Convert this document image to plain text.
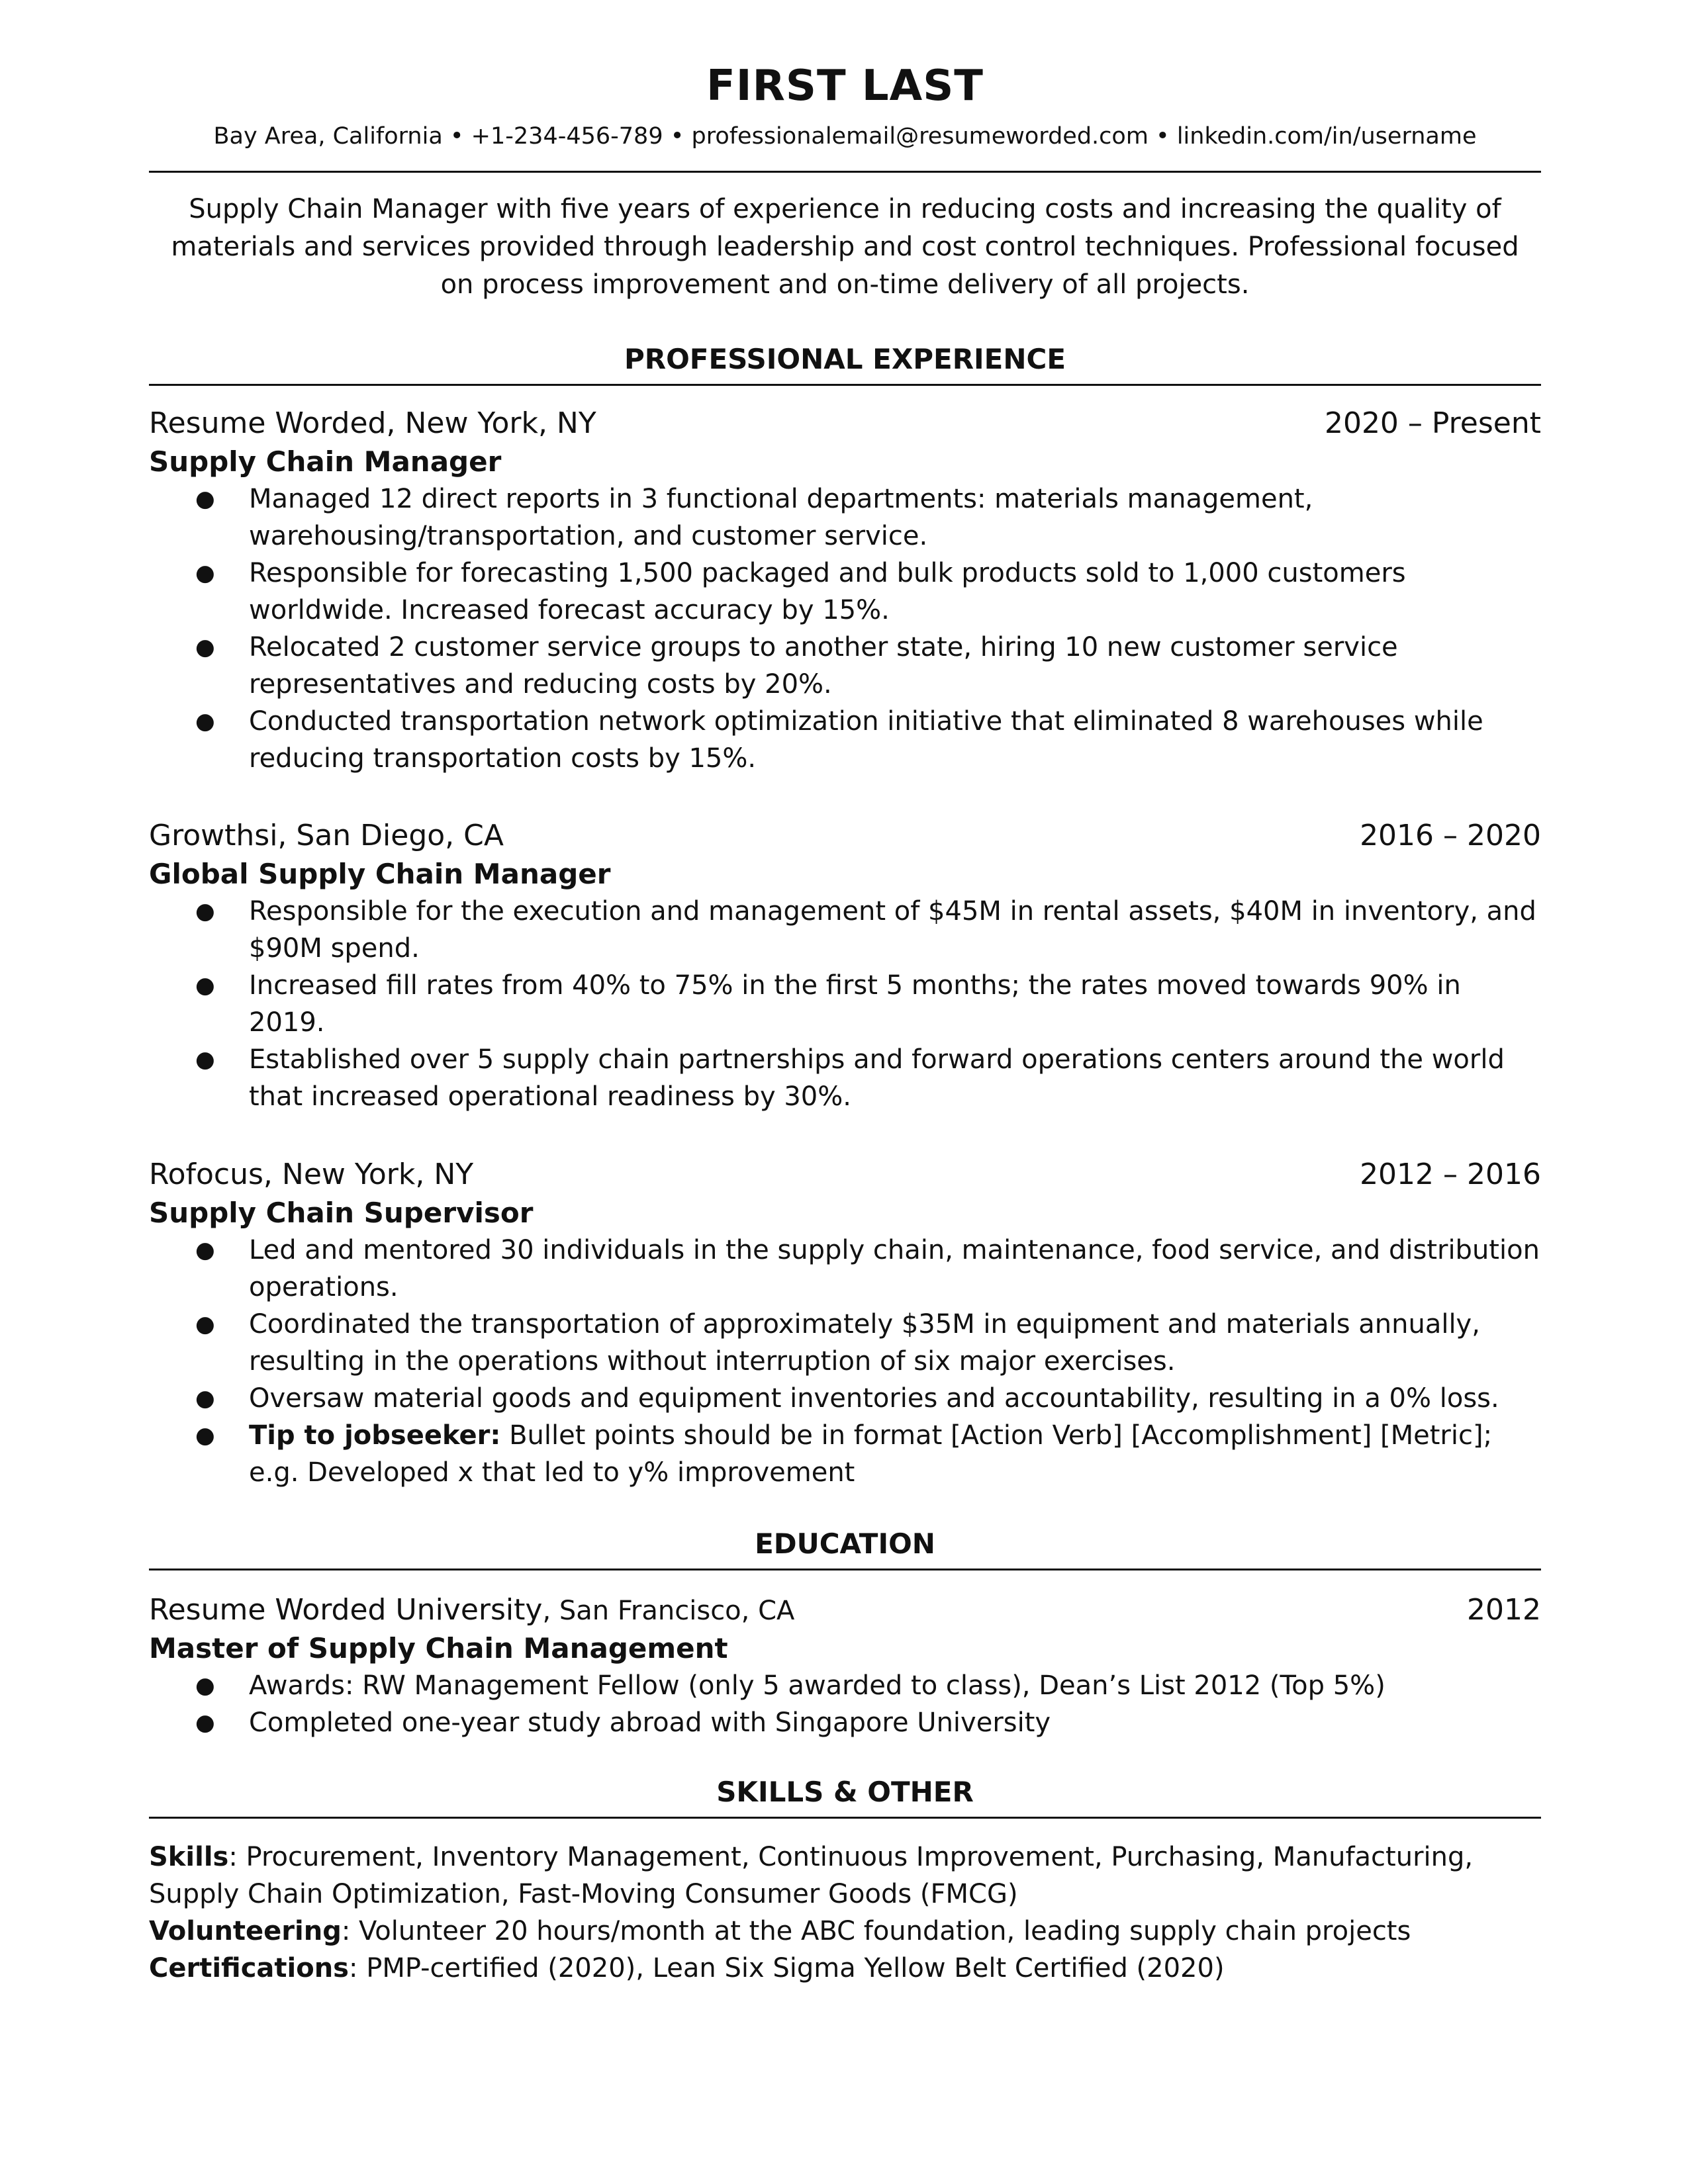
FIRST LAST
Bay Area, California • +1-234-456-789 • professionalemail@resumeworded.com • linkedin.com/in/username
Supply Chain Manager with five years of experience in reducing costs and increasing the quality of materials and services provided through leadership and cost control techniques. Professional focused on process improvement and on-time delivery of all projects.
PROFESSIONAL EXPERIENCE
Resume Worded, New York, NY	2020 – Present
Supply Chain Manager
● Managed 12 direct reports in 3 functional departments: materials management, warehousing/transportation, and customer service.
● Responsible for forecasting 1,500 packaged and bulk products sold to 1,000 customers worldwide. Increased forecast accuracy by 15%.
● Relocated 2 customer service groups to another state, hiring 10 new customer service representatives and reducing costs by 20%.
● Conducted transportation network optimization initiative that eliminated 8 warehouses while reducing transportation costs by 15%.
Growthsi, San Diego, CA	2016 – 2020
Global Supply Chain Manager
● Responsible for the execution and management of $45M in rental assets, $40M in inventory, and $90M spend.
● Increased fill rates from 40% to 75% in the first 5 months; the rates moved towards 90% in 2019.
● Established over 5 supply chain partnerships and forward operations centers around the world that increased operational readiness by 30%.
Rofocus, New York, NY	2012 – 2016
Supply Chain Supervisor
● Led and mentored 30 individuals in the supply chain, maintenance, food service, and distribution operations.
● Coordinated the transportation of approximately $35M in equipment and materials annually, resulting in the operations without interruption of six major exercises.
● Oversaw material goods and equipment inventories and accountability, resulting in a 0% loss.
● Tip to jobseeker: Bullet points should be in format [Action Verb] [Accomplishment] [Metric]; e.g. Developed x that led to y% improvement
EDUCATION
Resume Worded University, San Francisco, CA	2012
Master of Supply Chain Management
● Awards: RW Management Fellow (only 5 awarded to class), Dean’s List 2012 (Top 5%)
● Completed one-year study abroad with Singapore University
SKILLS & OTHER

Skills: Procurement, Inventory Management, Continuous Improvement, Purchasing, Manufacturing, Supply Chain Optimization, Fast-Moving Consumer Goods (FMCG)

Volunteering: Volunteer 20 hours/month at the ABC foundation, leading supply chain projects

Certifications: PMP-certified (2020), Lean Six Sigma Yellow Belt Certified (2020)
